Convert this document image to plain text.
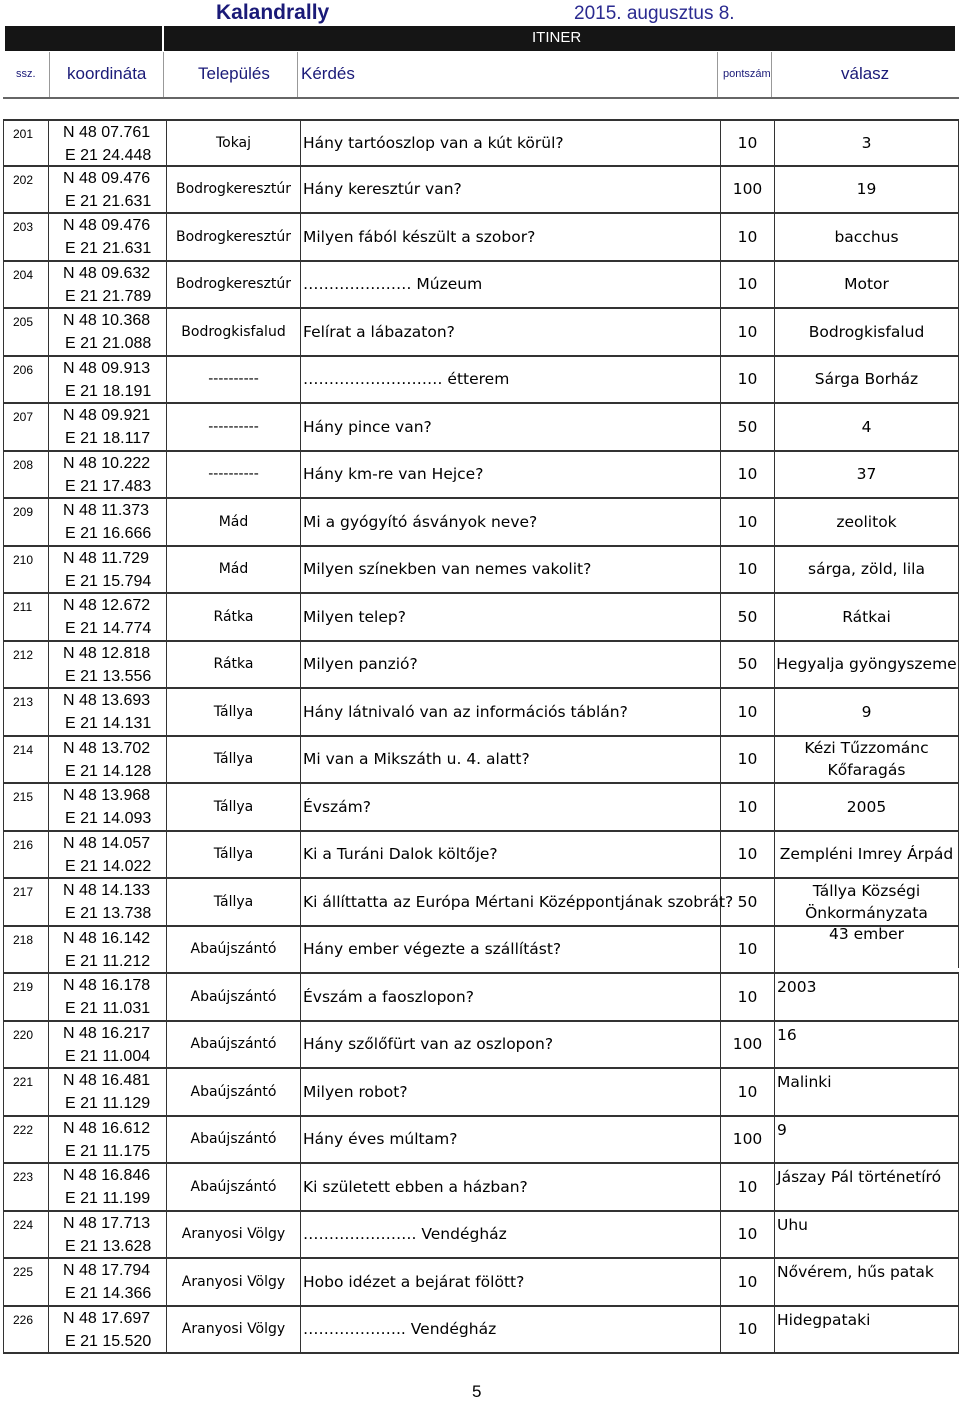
Kalandrally	2015. augusztus 8.
ITINER
ssz. koordináta	Település Kérdés	pontszám	válasz
201	N 48 07.761
E 21 24.448
Tokaj	Hány tartóoszlop van a kút körül?	10	3
202	N 48 09.476
E 21 21.631
Bodrogkeresztúr Hány keresztúr van?	100	19
203	N 48 09.476
E 21 21.631
Bodrogkeresztúr Milyen fából készült a szobor?	10	bacchus
204	N 48 09.632
E 21 21.789
Bodrogkeresztúr ………………… Múzeum	10	Motor
205	N 48 10.368
E 21 21.088
Bodrogkisfalud	Felírat a lábazaton?	10	Bodrogkisfalud
206	N 48 09.913
E 21 18.191
----------	……………………… étterem	10	Sárga Borház
207	N 48 09.921
E 21 18.117
----------	Hány pince van?	50	4
208	N 48 10.222
E 21 17.483
----------	Hány km-re van Hejce?	10	37
209	N 48 11.373
E 21 16.666
Mád	Mi a gyógyító ásványok neve?	10	zeolitok
210	N 48 11.729
E 21 15.794
Mád	Milyen színekben van nemes vakolit?	10	sárga, zöld, lila
211	N 48 12.672
E 21 14.774
Rátka	Milyen telep?	50	Rátkai
212	N 48 12.818
E 21 13.556
Rátka	Milyen panzió?	50	Hegyalja gyöngyszeme
213	N 48 13.693
E 21 14.131
Tállya	Hány látnivaló van az információs táblán?	10	9
214	N 48 13.702
E 21 14.128
Tállya	Mi van a Mikszáth u. 4. alatt?	10
Kézi Tűzzománc
Kőfaragás
215	N 48 13.968
E 21 14.093
Tállya	Évszám?	10	2005
216	N 48 14.057
E 21 14.022
Tállya	Ki a Turáni Dalok költője?	10	Zempléni Imrey Árpád
217	N 48 14.133
E 21 13.738
Tállya	Ki állíttatta az Európa Mértani Középpontjának szobrát? 50
Tállya Községi
Önkormányzata
218	N 48 16.142
E 21 11.212
Abaújszántó	Hány ember végezte a szállítást?	10
43 ember
219	N 48 16.178
E 21 11.031
Abaújszántó	Évszám a faoszlopon?	10
2003
220	N 48 16.217
E 21 11.004
Abaújszántó	Hány szőlőfürt van az oszlopon?	100
16
221	N 48 16.481
E 21 11.129
Abaújszántó	Milyen robot?	10
Malinki
222	N 48 16.612
E 21 11.175
Abaújszántó	Hány éves múltam?	100
9
223	N 48 16.846
E 21 11.199
Abaújszántó	Ki született ebben a házban?	10
Jászay Pál történetíró
224	N 48 17.713
E 21 13.628
Aranyosi Völgy	…………………. Vendégház	10
Uhu
225	N 48 17.794
E 21 14.366
Aranyosi Völgy	Hobo idézet a bejárat fölött?	10
Nővérem, hűs patak
226	N 48 17.697
E 21 15.520
Aranyosi Völgy	……………….. Vendégház	10
Hidegpataki
5
